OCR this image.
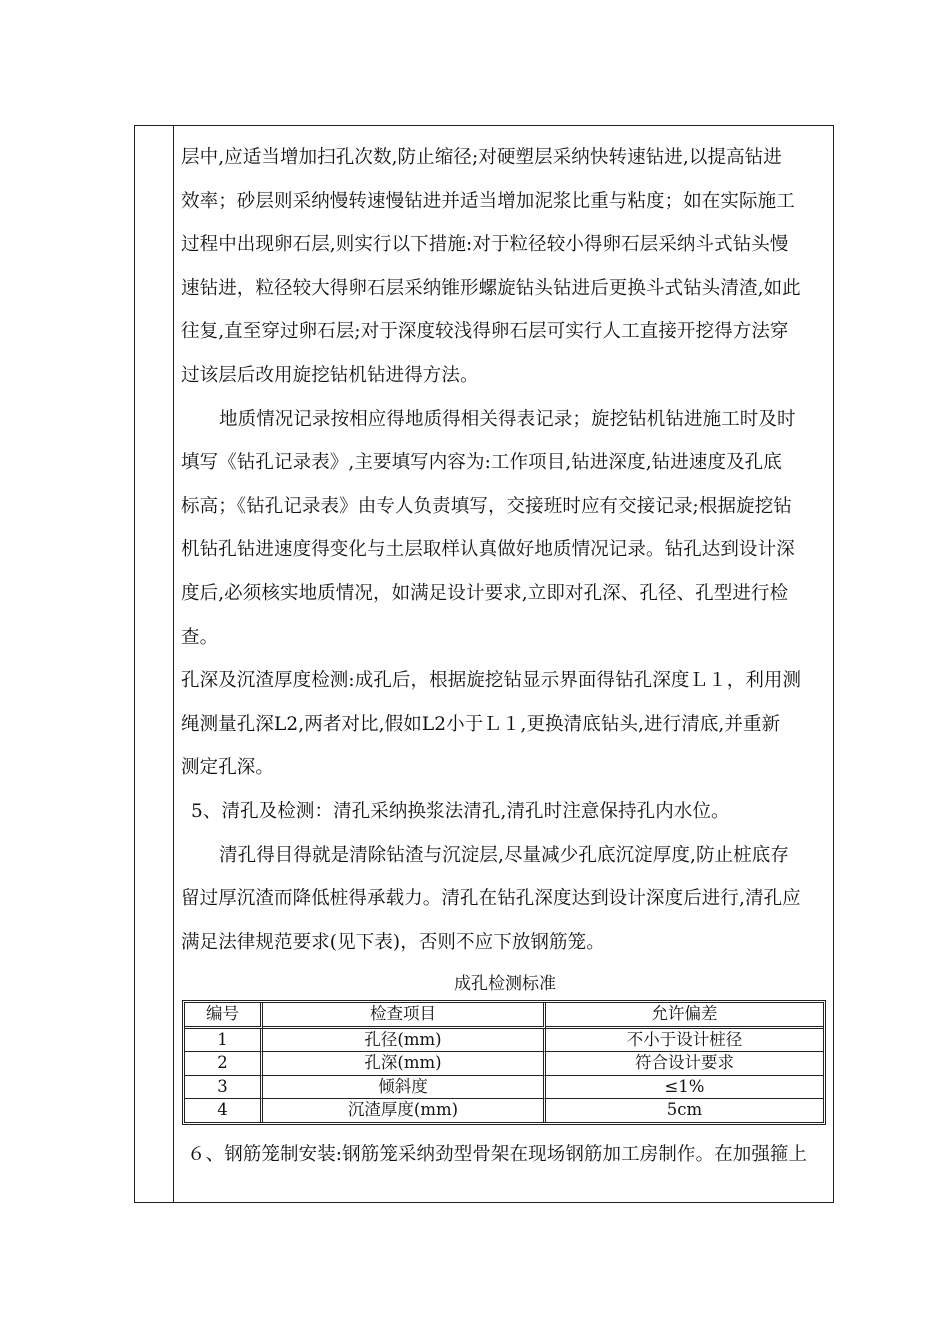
层中,应适当增加扫孔次数,防止缩径;对硬塑层采纳快转速钻进,以提高钻进
效率；砂层则采纳慢转速慢钻进并适当增加泥浆比重与粘度；如在实际施工
过程中出现卵石层,则实行以下措施:对于粒径较小得卵石层采纳斗式钻头慢
速钻进，粒径较大得卵石层采纳锥形螺旋钻头钻进后更换斗式钻头清渣,如此
往复,直至穿过卵石层;对于深度较浅得卵石层可实行人工直接开挖得方法穿
过该层后改用旋挖钻机钻进得方法。
地质情况记录按相应得地质得相关得表记录；旋挖钻机钻进施工时及时
填写《钻孔记录表》,主要填写内容为:工作项目,钻进深度,钻进速度及孔底
标高；《钻孔记录表》由专人负责填写，交接班时应有交接记录;根据旋挖钻
机钻孔钻进速度得变化与土层取样认真做好地质情况记录。钻孔达到设计深
度后,必须核实地质情况，如满足设计要求,立即对孔深、孔径、孔型进行检
查。
孔深及沉渣厚度检测:成孔后，根据旋挖钻显示界面得钻孔深度Ｌ１，利用测
绳测量孔深L2,两者对比,假如L2小于Ｌ１,更换清底钻头,进行清底,并重新
测定孔深。
5、清孔及检测：清孔采纳换浆法清孔,清孔时注意保持孔内水位。
清孔得目得就是清除钻渣与沉淀层,尽量减少孔底沉淀厚度,防止桩底存
留过厚沉渣而降低桩得承载力。清孔在钻孔深度达到设计深度后进行,清孔应
满足法律规范要求(见下表)，否则不应下放钢筋笼。
成孔检测标准
编号	检查项目	允许偏差
1	孔径(mm)	不小于设计桩径
2	孔深(mm)	符合设计要求
3	倾斜度	≤1%
4	沉渣厚度(mm)	5cm
６、钢筋笼制安装:钢筋笼采纳劲型骨架在现场钢筋加工房制作。在加强箍上
